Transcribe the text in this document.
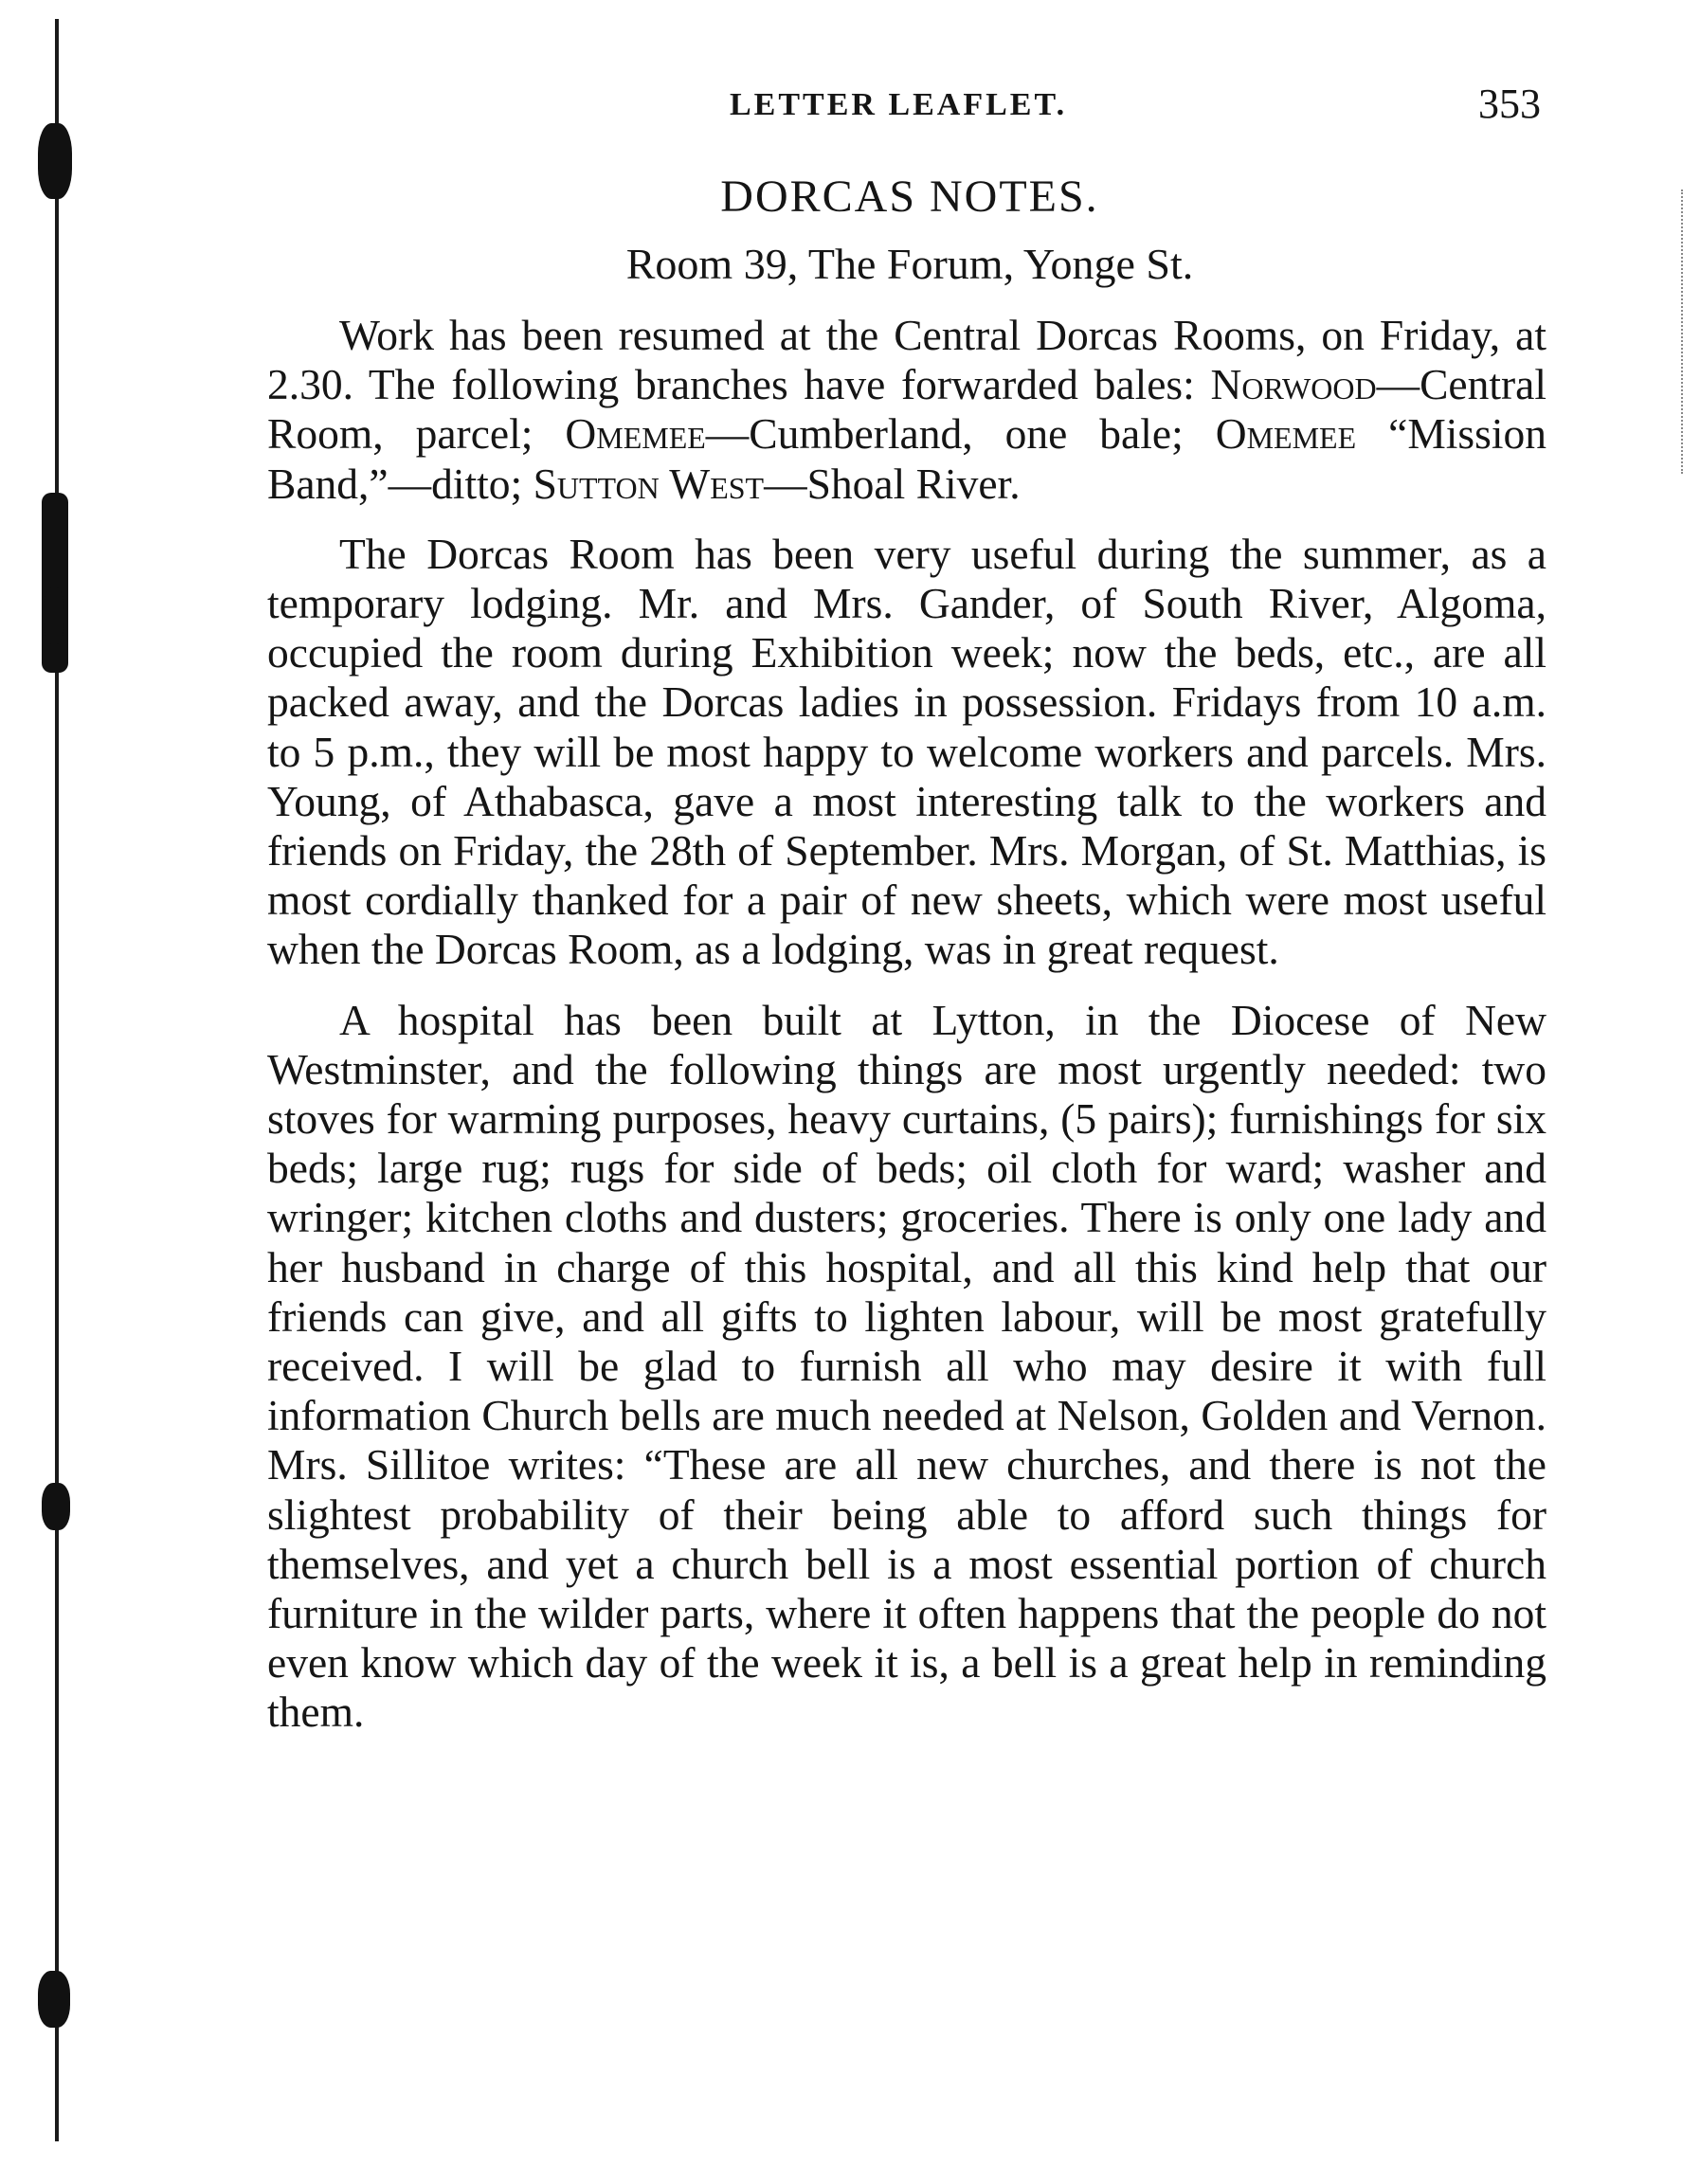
LETTER LEAFLET.	353
DORCAS NOTES.
Room 39, The Forum, Yonge St.

Work has been resumed at the Central Dorcas Rooms, on Friday, at 2.30. The following branches have forwarded bales: Norwood—Central Room, parcel; Omemee—Cumberland, one bale; Omemee “Mission Band,”—ditto; Sutton West—Shoal River.

The Dorcas Room has been very useful during the summer, as a temporary lodging. Mr. and Mrs. Gander, of South River, Algoma, occupied the room during Exhibition week; now the beds, etc., are all packed away, and the Dorcas ladies in possession. Fridays from 10 a.m. to 5 p.m., they will be most happy to welcome workers and parcels. Mrs. Young, of Athabasca, gave a most interesting talk to the workers and friends on Friday, the 28th of September. Mrs. Morgan, of St. Matthias, is most cordially thanked for a pair of new sheets, which were most useful when the Dorcas Room, as a lodging, was in great request.

A hospital has been built at Lytton, in the Diocese of New Westminster, and the following things are most urgently needed: two stoves for warming purposes, heavy curtains, (5 pairs); furnishings for six beds; large rug; rugs for side of beds; oil cloth for ward; washer and wringer; kitchen cloths and dusters; groceries. There is only one lady and her husband in charge of this hospital, and all this kind help that our friends can give, and all gifts to lighten labour, will be most gratefully received. I will be glad to furnish all who may desire it with full information Church bells are much needed at Nelson, Golden and Vernon. Mrs. Sillitoe writes: “These are all new churches, and there is not the slightest probability of their being able to afford such things for themselves, and yet a church bell is a most essential portion of church furniture in the wilder parts, where it often happens that the people do not even know which day of the week it is, a bell is a great help in reminding them.
